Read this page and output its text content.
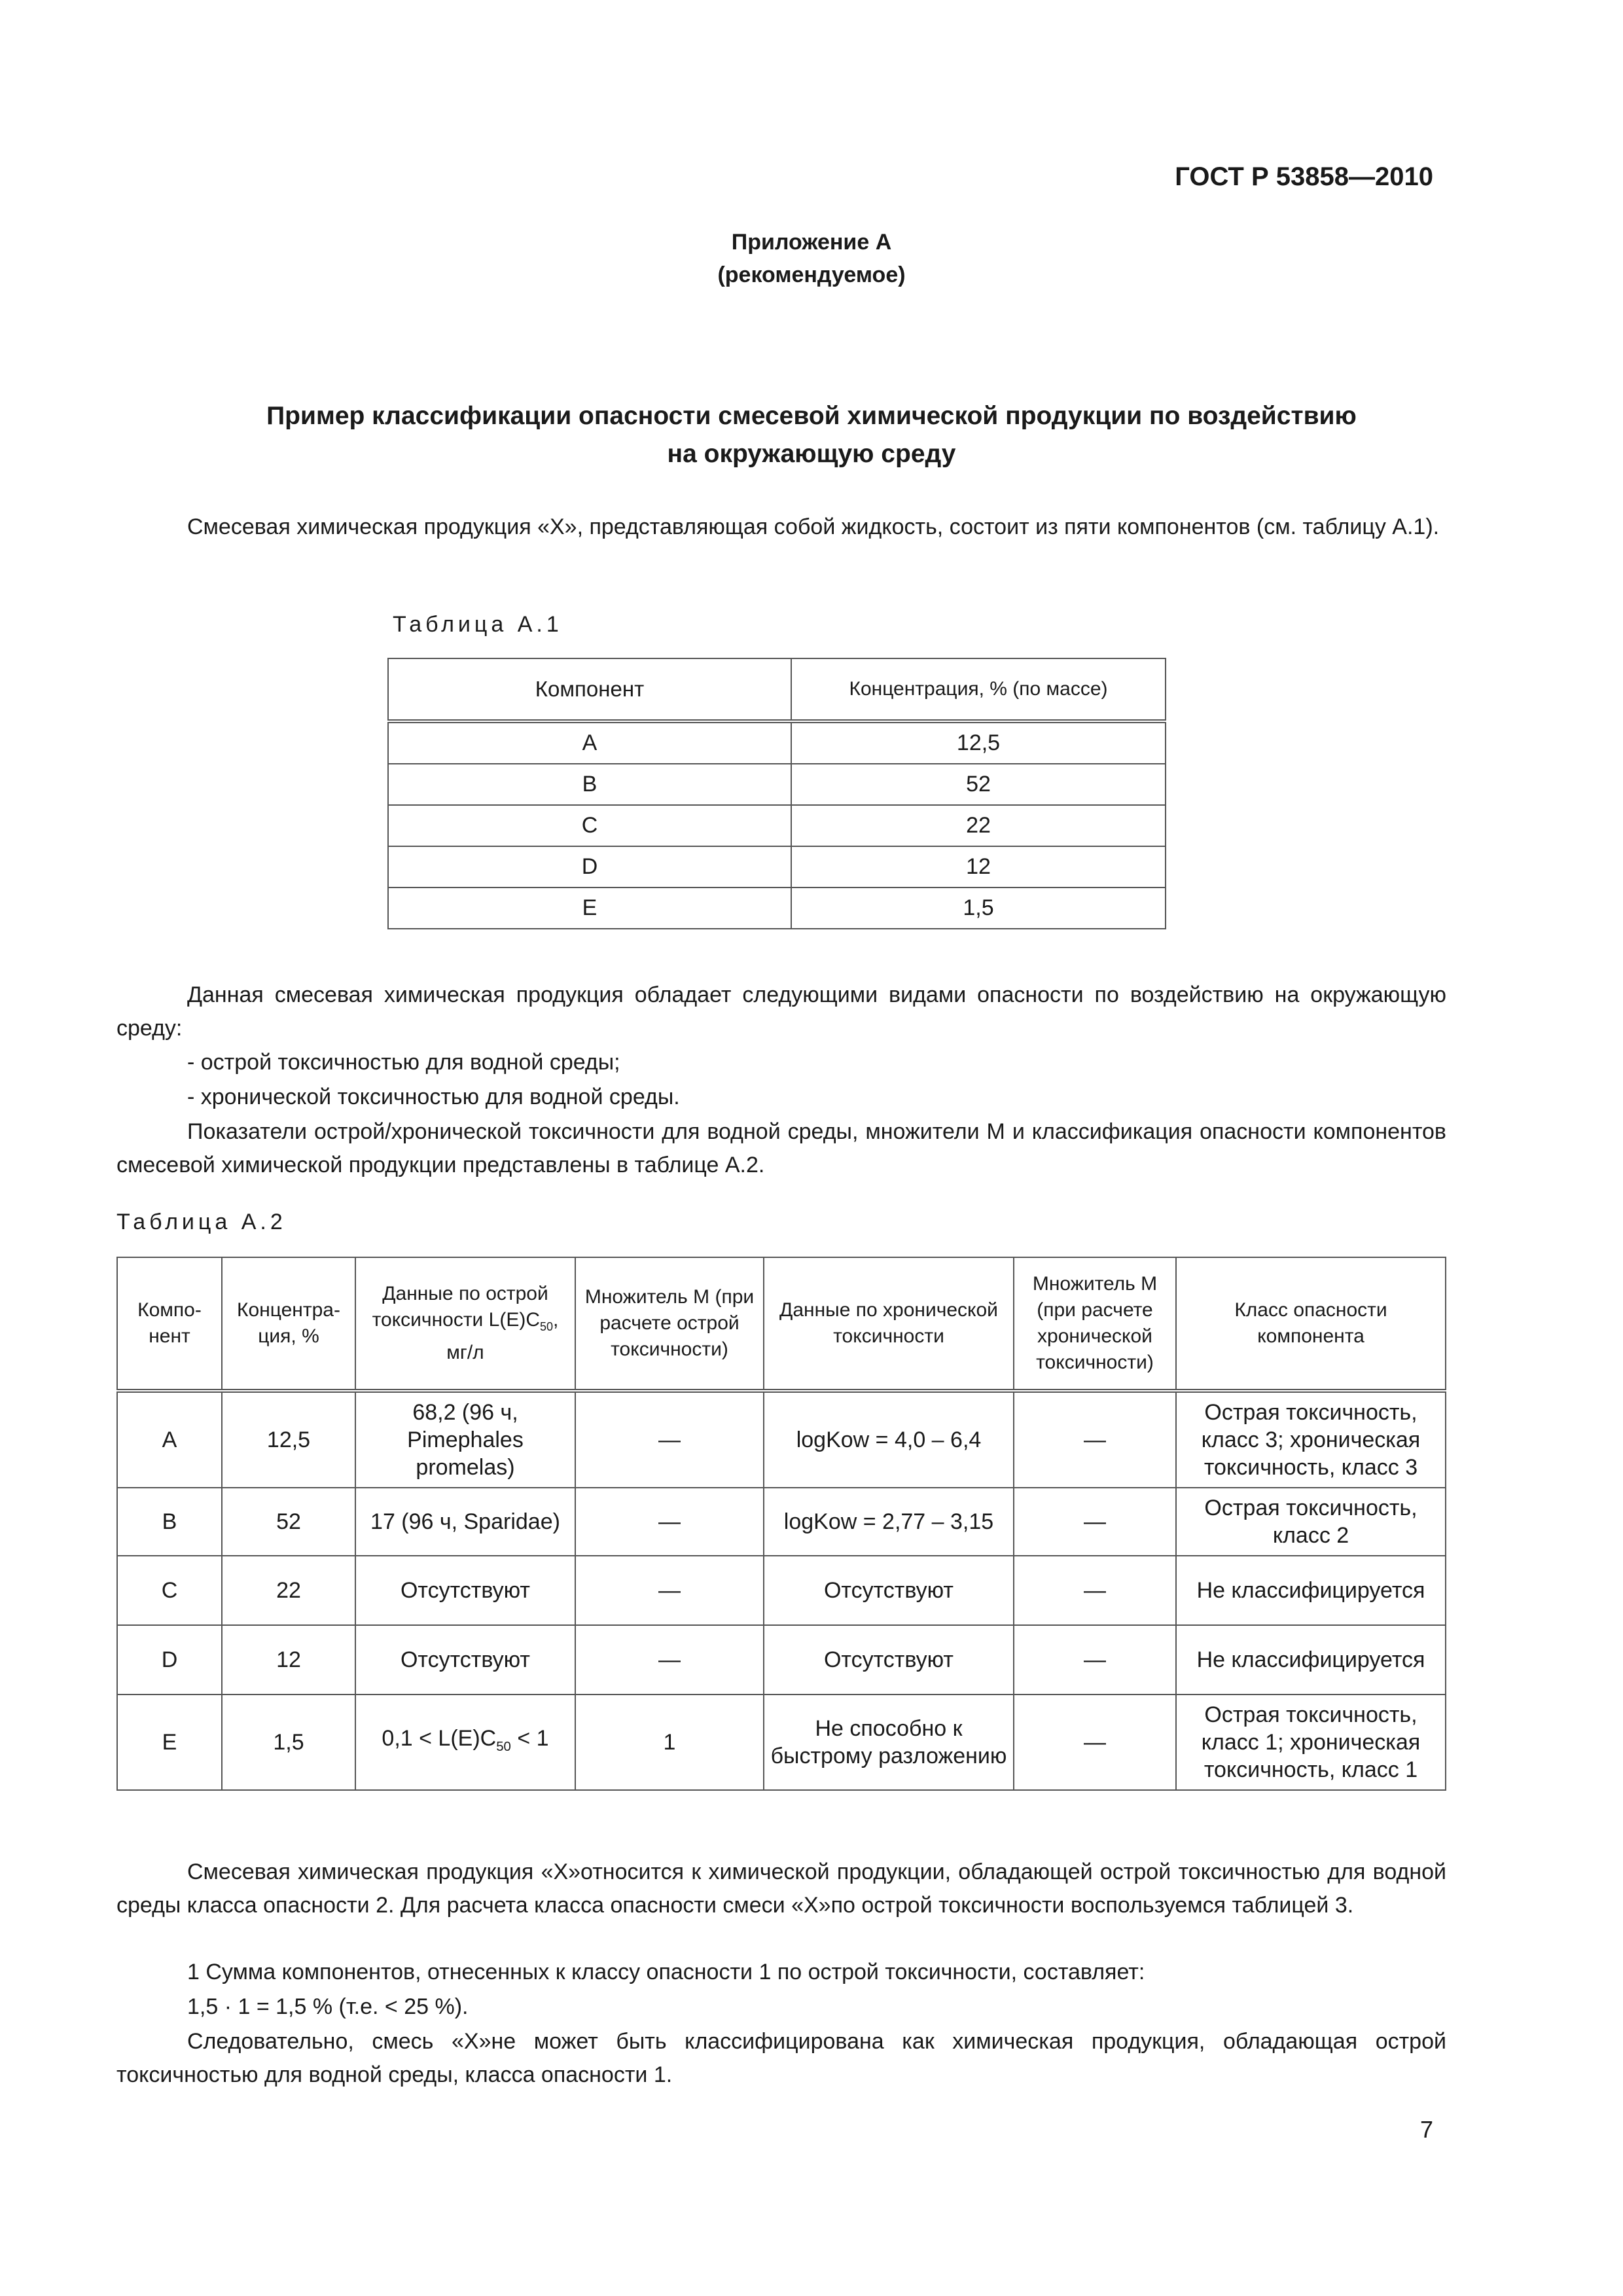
ГОСТ Р 53858—2010
Приложение А
(рекомендуемое)
Пример классификации опасности смесевой химической продукции по воздействию
на окружающую среду
Смесевая химическая продукция «Х», представляющая собой жидкость, состоит из пяти компонентов (см. таблицу А.1).
Таблица А.1
Компонент	Концентрация, % (по массе)
А	12,5
В	52
С	22
D	12
Е	1,5
Данная смесевая химическая продукция обладает следующими видами опасности по воздействию на окружающую среду:
- острой токсичностью для водной среды;
- хронической токсичностью для водной среды.
Показатели острой/хронической токсичности для водной среды, множители М и классификация опасности компонентов смесевой химической продукции представлены в таблице А.2.
Таблица А.2
Компонент	Концентрация, %	Данные по острой токсичности $L(E)C_{50}$, мг/л	Множитель М (при расчете острой токсичности)	Данные по хронической токсичности	Множитель М (при расчете хронической токсичности)	Класс опасности компонента
А	12,5	68,2 (96 ч, Pimephales promelas)	—	logKow = 4,0 – 6,4	—	Острая токсичность, класс 3; хроническая токсичность, класс 3
В	52	17 (96 ч, Sparidae)	—	logKow = 2,77 – 3,15	—	Острая токсичность, класс 2
С	22	Отсутствуют	—	Отсутствуют	—	Не классифицируется
D	12	Отсутствуют	—	Отсутствуют	—	Не классифицируется
Е	1,5	$0,1 < L(E)C_{50} < 1$	1	Не способно к быстрому разложению	—	Острая токсичность, класс 1; хроническая токсичность, класс 1
Смесевая химическая продукция «Х»относится к химической продукции, обладающей острой токсичностью для водной среды класса опасности 2. Для расчета класса опасности смеси «Х»по острой токсичности воспользуемся таблицей 3.
1 Сумма компонентов, отнесенных к классу опасности 1 по острой токсичности, составляет:
1,5 · 1 = 1,5 % (т.е. < 25 %).
Следовательно, смесь «Х»не может быть классифицирована как химическая продукция, обладающая острой токсичностью для водной среды, класса опасности 1.
7
